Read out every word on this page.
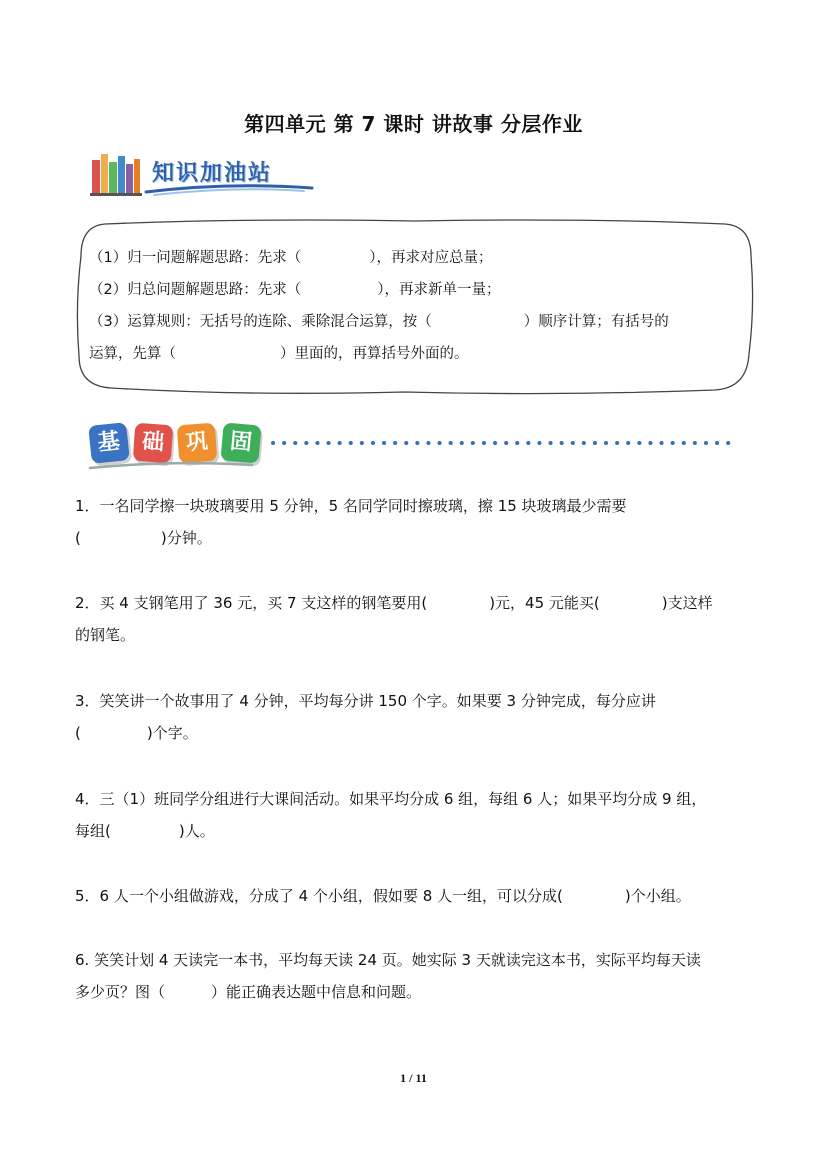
第四单元 第 7 课时 讲故事 分层作业
知识加油站

（1）归一问题解题思路：先求（	），再求对应总量；

（2）归总问题解题思路：先求（	），再求新单一量；

（3）运算规则：无括号的连除、乘除混合运算，按（	）顺序计算；有括号的

运算，先算（	）里面的，再算括号外面的。

基 础 巩 固

1．一名同学擦一块玻璃要用 5 分钟，5 名同学同时擦玻璃，擦 15 块玻璃最少需要

(	)分钟。

2．买 4 支钢笔用了 36 元，买 7 支这样的钢笔要用(	)元，45 元能买(	)支这样

的钢笔。

3．笑笑讲一个故事用了 4 分钟，平均每分讲 150 个字。如果要 3 分钟完成，每分应讲

(	)个字。

4．三（1）班同学分组进行大课间活动。如果平均分成 6 组，每组 6 人；如果平均分成 9 组，

每组(	)人。

5．6 人一个小组做游戏，分成了 4 个小组，假如要 8 人一组，可以分成(	)个小组。

6. 笑笑计划 4 天读完一本书，平均每天读 24 页。她实际 3 天就读完这本书，实际平均每天读

多少页？图（	）能正确表达题中信息和问题。

1 / 11
